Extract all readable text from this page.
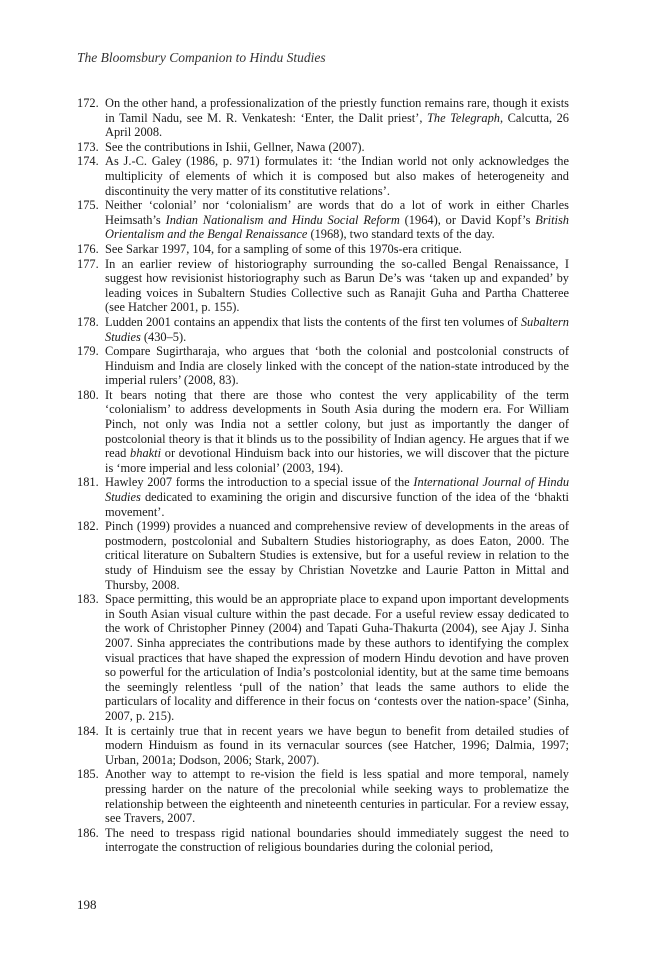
The Bloomsbury Companion to Hindu Studies
172. On the other hand, a professionalization of the priestly function remains rare, though it exists in Tamil Nadu, see M. R. Venkatesh: ‘Enter, the Dalit priest’, The Telegraph, Calcutta, 26 April 2008.
173. See the contributions in Ishii, Gellner, Nawa (2007).
174. As J.-C. Galey (1986, p. 971) formulates it: ‘the Indian world not only acknowledges the multiplicity of elements of which it is composed but also makes of heterogeneity and discontinuity the very matter of its constitutive relations’.
175. Neither ‘colonial’ nor ‘colonialism’ are words that do a lot of work in either Charles Heimsath’s Indian Nationalism and Hindu Social Reform (1964), or David Kopf’s British Orientalism and the Bengal Renaissance (1968), two standard texts of the day.
176. See Sarkar 1997, 104, for a sampling of some of this 1970s-era critique.
177. In an earlier review of historiography surrounding the so-called Bengal Renaissance, I suggest how revisionist historiography such as Barun De’s was ‘taken up and expanded’ by leading voices in Subaltern Studies Collective such as Ranajit Guha and Partha Chatteree (see Hatcher 2001, p. 155).
178. Ludden 2001 contains an appendix that lists the contents of the first ten volumes of Subaltern Studies (430–5).
179. Compare Sugirtharaja, who argues that ‘both the colonial and postcolonial constructs of Hinduism and India are closely linked with the concept of the nation-state introduced by the imperial rulers’ (2008, 83).
180. It bears noting that there are those who contest the very applicability of the term ‘colonialism’ to address developments in South Asia during the modern era. For William Pinch, not only was India not a settler colony, but just as importantly the danger of postcolonial theory is that it blinds us to the possibility of Indian agency. He argues that if we read bhakti or devotional Hinduism back into our histories, we will discover that the picture is ‘more imperial and less colonial’ (2003, 194).
181. Hawley 2007 forms the introduction to a special issue of the International Journal of Hindu Studies dedicated to examining the origin and discursive function of the idea of the ‘bhakti movement’.
182. Pinch (1999) provides a nuanced and comprehensive review of developments in the areas of postmodern, postcolonial and Subaltern Studies historiography, as does Eaton, 2000. The critical literature on Subaltern Studies is extensive, but for a useful review in relation to the study of Hinduism see the essay by Christian Novetzke and Laurie Patton in Mittal and Thursby, 2008.
183. Space permitting, this would be an appropriate place to expand upon important developments in South Asian visual culture within the past decade. For a useful review essay dedicated to the work of Christopher Pinney (2004) and Tapati Guha-Thakurta (2004), see Ajay J. Sinha 2007. Sinha appreciates the contributions made by these authors to identifying the complex visual practices that have shaped the expression of modern Hindu devotion and have proven so powerful for the articulation of India’s postcolonial identity, but at the same time bemoans the seemingly relentless ‘pull of the nation’ that leads the same authors to elide the particulars of locality and difference in their focus on ‘contests over the nation-space’ (Sinha, 2007, p. 215).
184. It is certainly true that in recent years we have begun to benefit from detailed studies of modern Hinduism as found in its vernacular sources (see Hatcher, 1996; Dalmia, 1997; Urban, 2001a; Dodson, 2006; Stark, 2007).
185. Another way to attempt to re-vision the field is less spatial and more temporal, namely pressing harder on the nature of the precolonial while seeking ways to problematize the relationship between the eighteenth and nineteenth centuries in particular. For a review essay, see Travers, 2007.
186. The need to trespass rigid national boundaries should immediately suggest the need to interrogate the construction of religious boundaries during the colonial period,
198
